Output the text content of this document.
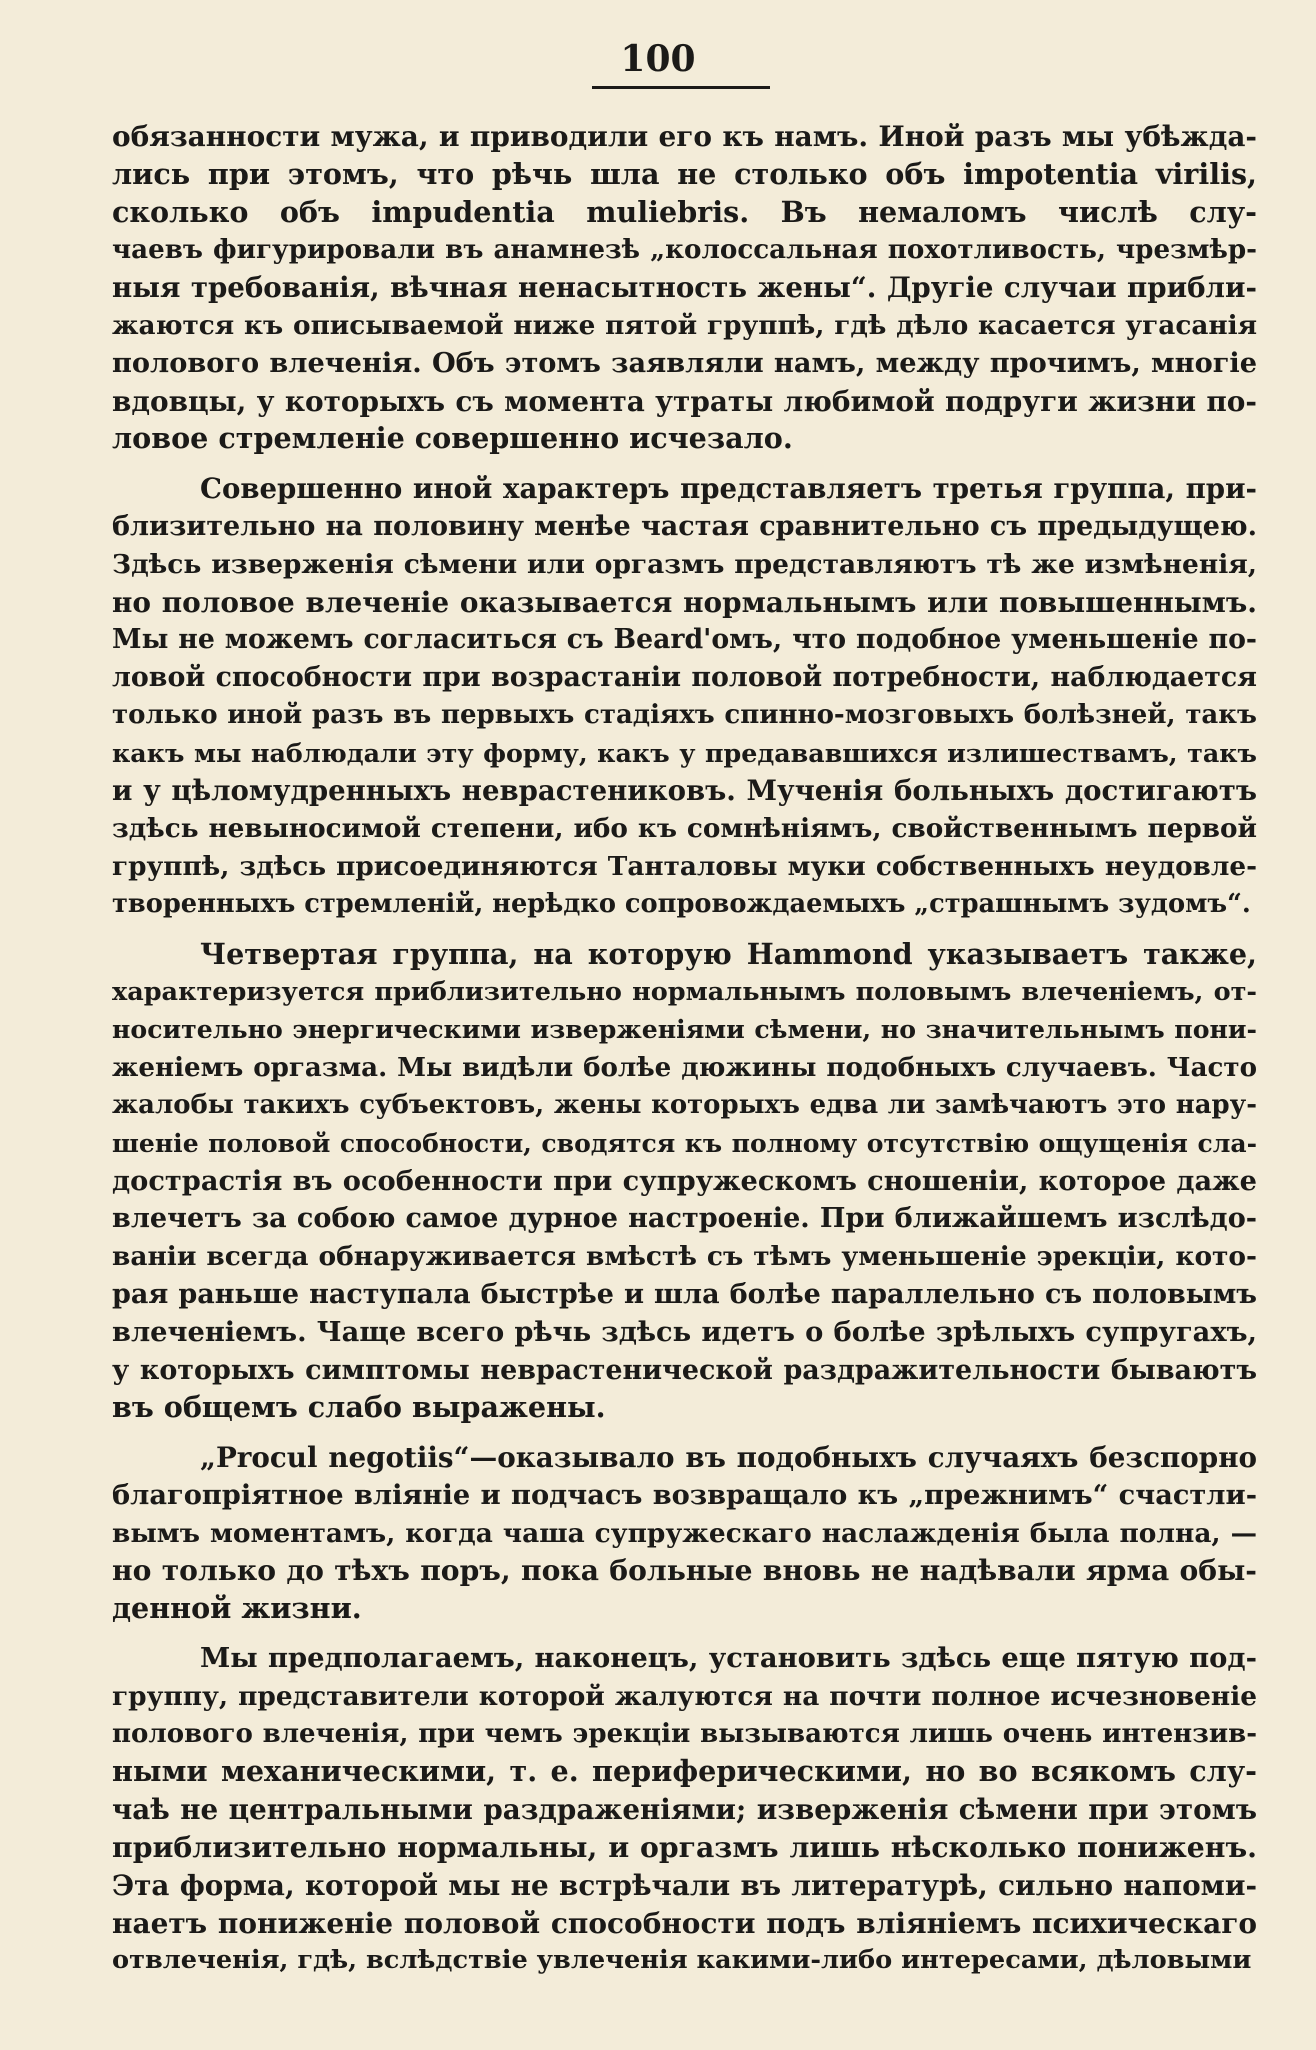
100
обязанности мужа, и приводили его къ намъ. Иной разъ мы убѣжда-
лись при этомъ, что рѣчь шла не столько объ impotentia virilis,
сколько объ impudentia muliebris. Въ немаломъ числѣ слу-
чаевъ фигурировали въ анамнезѣ „колоссальная похотливость, чрезмѣр-
ныя требованія, вѣчная ненасытность жены“. Другіе случаи прибли-
жаются къ описываемой ниже пятой группѣ, гдѣ дѣло касается угасанія
полового влеченія. Объ этомъ заявляли намъ, между прочимъ, многіе
вдовцы, у которыхъ съ момента утраты любимой подруги жизни по-
ловое стремленіе совершенно исчезало.
Совершенно иной характеръ представляетъ третья группа, при-
близительно на половину менѣе частая сравнительно съ предыдущею.
Здѣсь изверженія сѣмени или оргазмъ представляютъ тѣ же измѣненія,
но половое влеченіе оказывается нормальнымъ или повышеннымъ.
Мы не можемъ согласиться съ Beard'омъ, что подобное уменьшеніе по-
ловой способности при возрастаніи половой потребности, наблюдается
только иной разъ въ первыхъ стадіяхъ спинно-мозговыхъ болѣзней, такъ
какъ мы наблюдали эту форму, какъ у предававшихся излишествамъ, такъ
и у цѣломудренныхъ неврастениковъ. Мученія больныхъ достигаютъ
здѣсь невыносимой степени, ибо къ сомнѣніямъ, свойственнымъ первой
группѣ, здѣсь присоединяются Танталовы муки собственныхъ неудовле-
творенныхъ стремленій, нерѣдко сопровождаемыхъ „страшнымъ зудомъ“.
Четвертая группа, на которую Hammond указываетъ также,
характеризуется приблизительно нормальнымъ половымъ влеченіемъ, от-
носительно энергическими изверженіями сѣмени, но значительнымъ пони-
женіемъ оргазма. Мы видѣли болѣе дюжины подобныхъ случаевъ. Часто
жалобы такихъ субъектовъ, жены которыхъ едва ли замѣчаютъ это нару-
шеніе половой способности, сводятся къ полному отсутствію ощущенія сла-
дострастія въ особенности при супружескомъ сношеніи, которое даже
влечетъ за собою самое дурное настроеніе. При ближайшемъ изслѣдо-
ваніи всегда обнаруживается вмѣстѣ съ тѣмъ уменьшеніе эрекціи, кото-
рая раньше наступала быстрѣе и шла болѣе параллельно съ половымъ
влеченіемъ. Чаще всего рѣчь здѣсь идетъ о болѣе зрѣлыхъ супругахъ,
у которыхъ симптомы неврастенической раздражительности бываютъ
въ общемъ слабо выражены.
„Procul negotiis“—оказывало въ подобныхъ случаяхъ безспорно
благопріятное вліяніе и подчасъ возвращало къ „прежнимъ“ счастли-
вымъ моментамъ, когда чаша супружескаго наслажденія была полна, —
но только до тѣхъ поръ, пока больные вновь не надѣвали ярма обы-
денной жизни.
Мы предполагаемъ, наконецъ, установить здѣсь еще пятую под-
группу, представители которой жалуются на почти полное исчезновеніе
полового влеченія, при чемъ эрекціи вызываются лишь очень интензив-
ными механическими, т. е. периферическими, но во всякомъ слу-
чаѣ не центральными раздраженіями; изверженія сѣмени при этомъ
приблизительно нормальны, и оргазмъ лишь нѣсколько пониженъ.
Эта форма, которой мы не встрѣчали въ литературѣ, сильно напоми-
наетъ пониженіе половой способности подъ вліяніемъ психическаго
отвлеченія, гдѣ, вслѣдствіе увлеченія какими-либо интересами, дѣловыми
